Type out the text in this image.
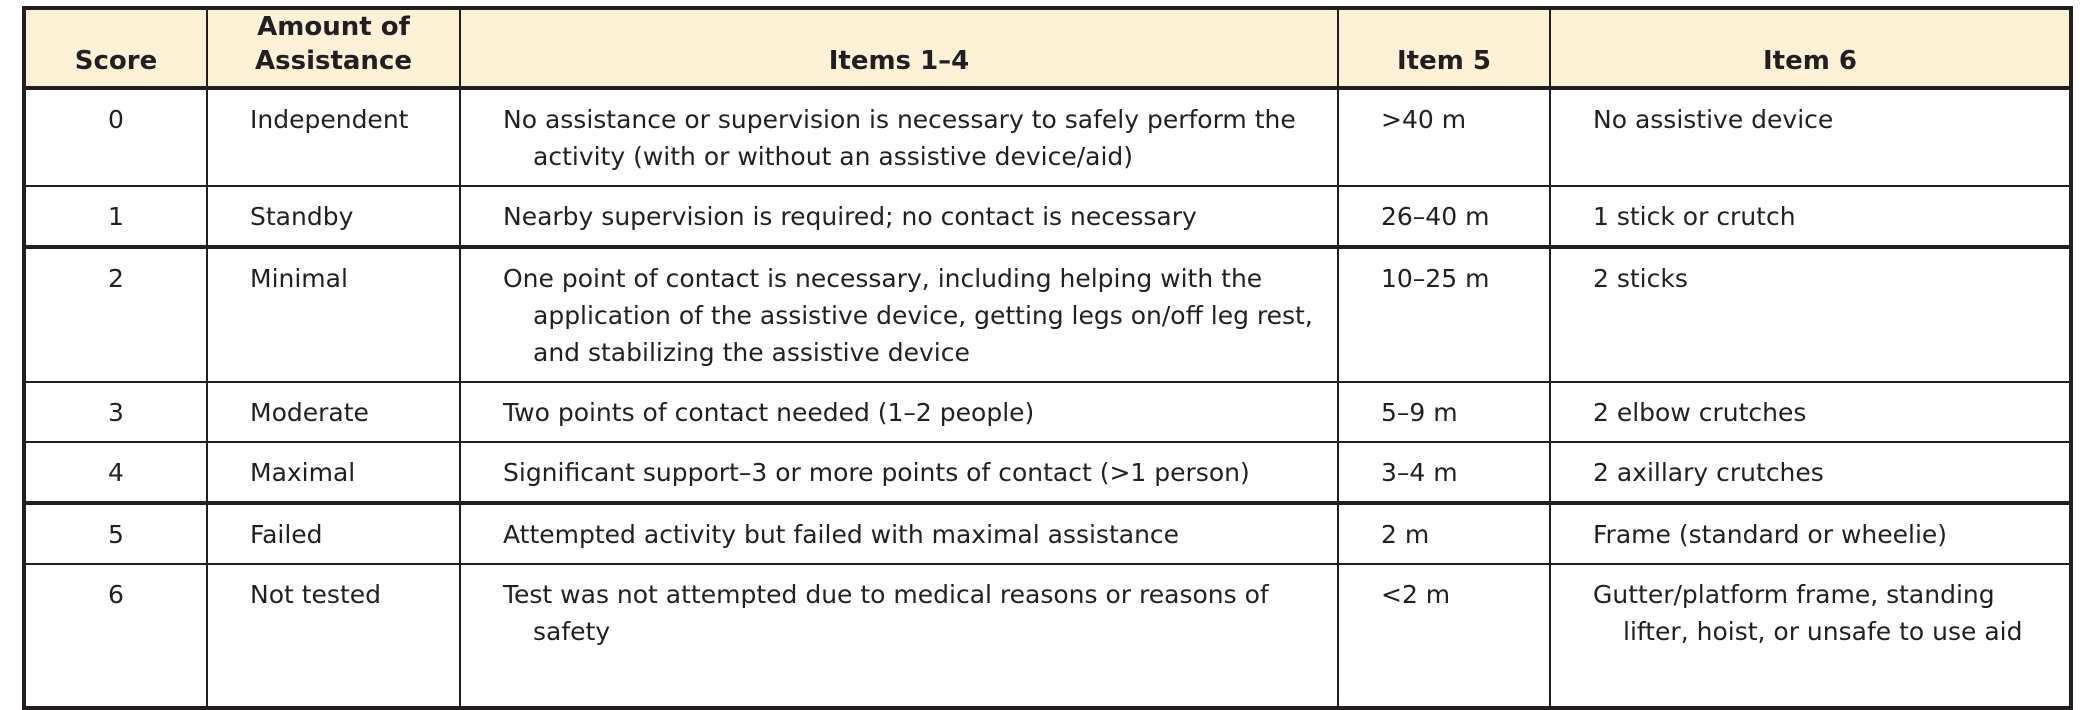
Score	Amount of Assistance	Items 1–4	Item 5	Item 6
0	Independent	No assistance or supervision is necessary to safely perform the activity (with or without an assistive device/aid)	>40 m	No assistive device

1	Standby	Nearby supervision is required; no contact is necessary	26–40 m	1 stick or crutch

2	Minimal	One point of contact is necessary, including helping with the application of the assistive device, getting legs on/off leg rest, and stabilizing the assistive device	10–25 m	2 sticks

3	Moderate	Two points of contact needed (1–2 people)	5–9 m	2 elbow crutches

4	Maximal	Significant support–3 or more points of contact (>1 person)	3–4 m	2 axillary crutches

5	Failed	Attempted activity but failed with maximal assistance	2 m	Frame (standard or wheelie)

6	Not tested	Test was not attempted due to medical reasons or reasons of safety	<2 m	Gutter/platform frame, standing lifter, hoist, or unsafe to use aid
